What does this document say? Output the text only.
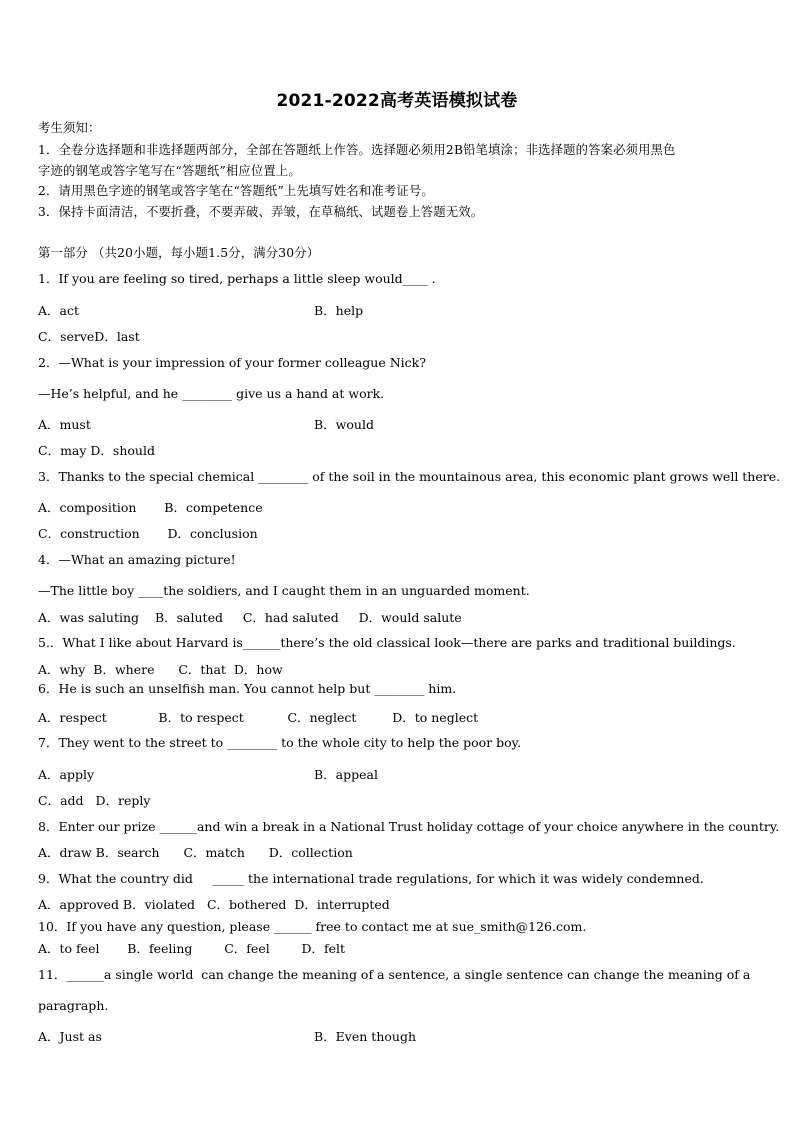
2021-2022高考英语模拟试卷
考生须知：
1．全卷分选择题和非选择题两部分，全部在答题纸上作答。选择题必须用2B铅笔填涂；非选择题的答案必须用黑色
字迹的钢笔或答字笔写在“答题纸”相应位置上。
2．请用黑色字迹的钢笔或答字笔在“答题纸”上先填写姓名和准考证号。
3．保持卡面清洁，不要折叠，不要弄破、弄皱，在草稿纸、试题卷上答题无效。
第一部分 （共20小题，每小题1.5分，满分30分）
1．If you are feeling so tired, perhaps a little sleep would____ .
A．act	B．help
C．serveD．last
2．—What is your impression of your former colleague Nick?
—He’s helpful, and he ________ give us a hand at work.
A．must	B．would
C．may D．should
3．Thanks to the special chemical ________ of the soil in the mountainous area, this economic plant grows well there.
A．composition       B．competence
C．construction       D．conclusion
4．—What an amazing picture!
—The little boy ____the soldiers, and I caught them in an unguarded moment.
A．was saluting    B．saluted     C．had saluted     D．would salute
5.．What I like about Harvard is______there’s the old classical look—there are parks and traditional buildings.
A．why  B．where      C．that  D．how
6．He is such an unselfish man. You cannot help but ________ him.
A．respect             B．to respect           C．neglect         D．to neglect
7．They went to the street to ________ to the whole city to help the poor boy.
A．apply	B．appeal
C．add   D．reply
8．Enter our prize ______and win a break in a National Trust holiday cottage of your choice anywhere in the country.
A．draw B．search      C．match      D．collection
9．What the country did     _____ the international trade regulations, for which it was widely condemned.
A．approved B．violated   C．bothered  D．interrupted
10．If you have any question, please ______ free to contact me at sue_smith@126.com.
A．to feel       B．feeling        C．feel        D．felt
11．______a single world  can change the meaning of a sentence, a single sentence can change the meaning of a
paragraph.
A．Just as	B．Even though
